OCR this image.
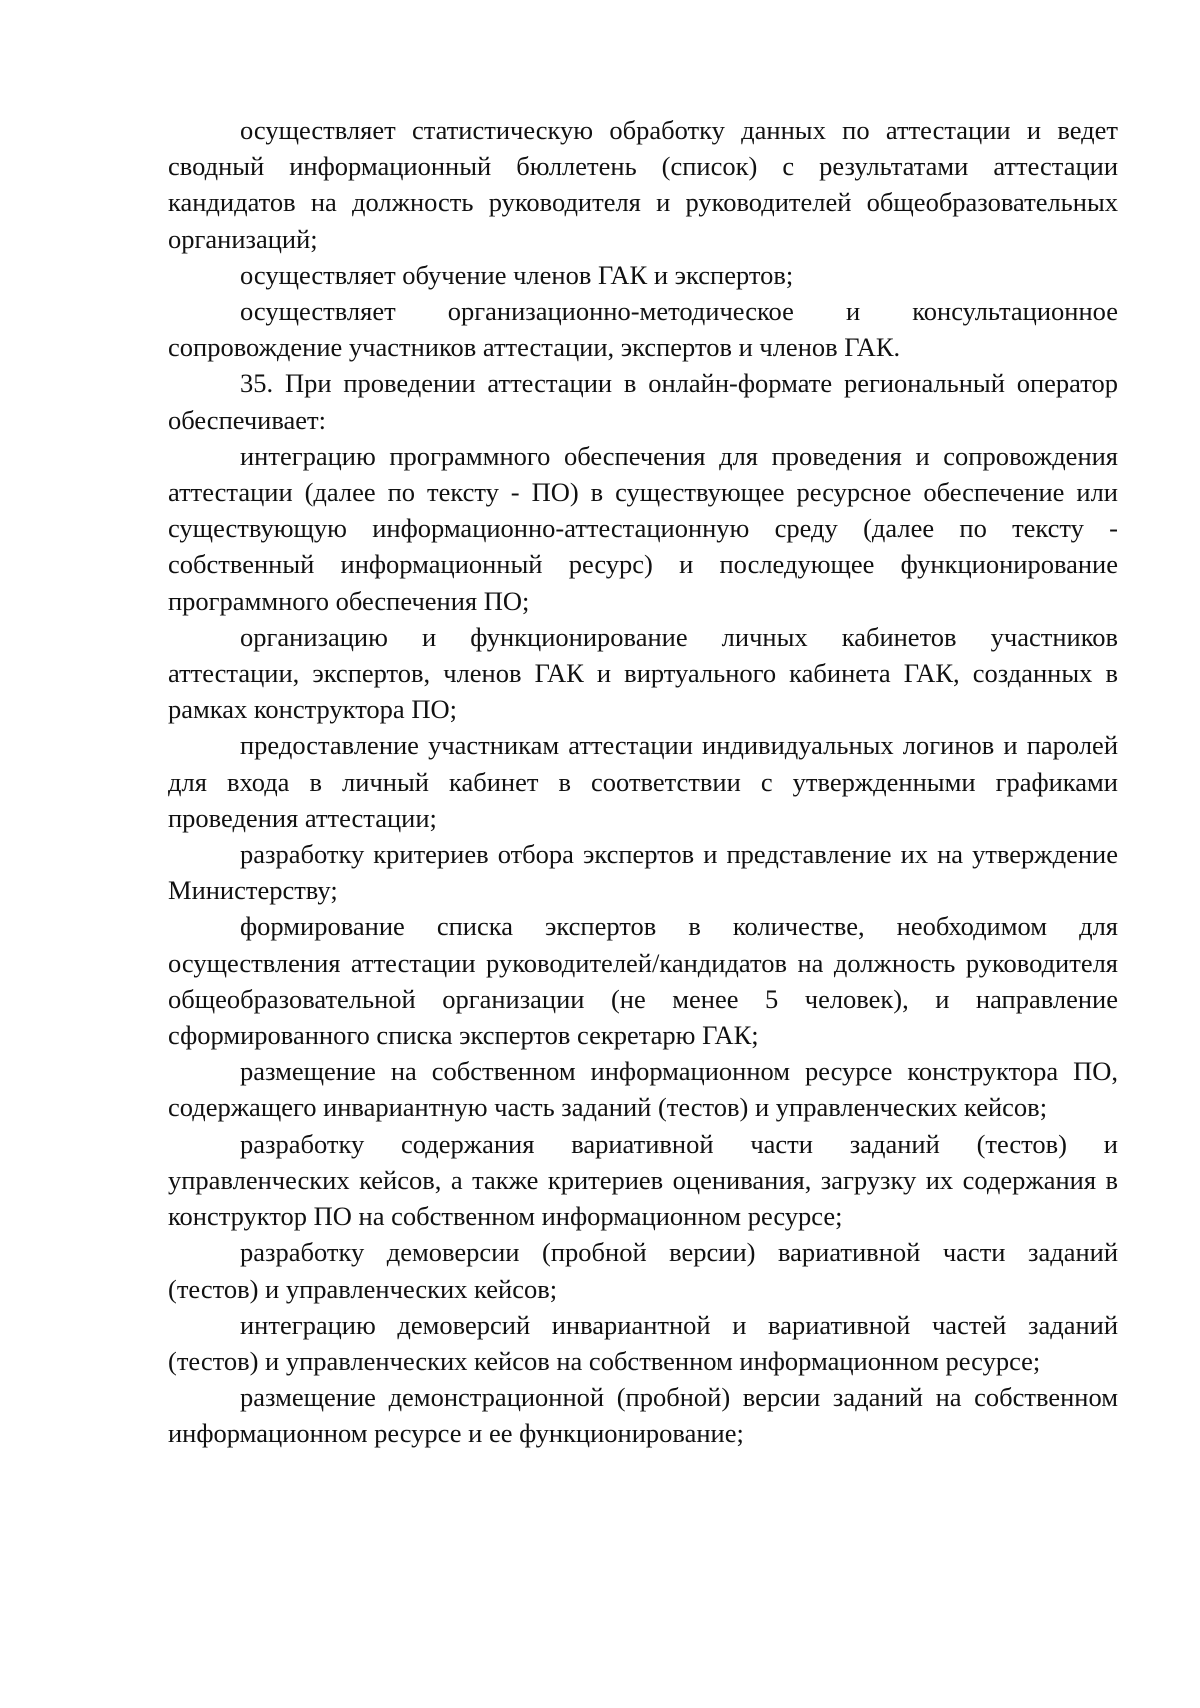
осуществляет статистическую обработку данных по аттестации и ведет сводный информационный бюллетень (список) с результатами аттестации кандидатов на должность руководителя и руководителей общеобразовательных организаций;

осуществляет обучение членов ГАК и экспертов;

осуществляет организационно-методическое и консультационное сопровождение участников аттестации, экспертов и членов ГАК.

35. При проведении аттестации в онлайн-формате региональный оператор обеспечивает:

интеграцию программного обеспечения для проведения и сопровождения аттестации (далее по тексту - ПО) в существующее ресурсное обеспечение или существующую информационно-аттестационную среду (далее по тексту - собственный информационный ресурс) и последующее функционирование программного обеспечения ПО;

организацию и функционирование личных кабинетов участников аттестации, экспертов, членов ГАК и виртуального кабинета ГАК, созданных в рамках конструктора ПО;

предоставление участникам аттестации индивидуальных логинов и паролей для входа в личный кабинет в соответствии с утвержденными графиками проведения аттестации;

разработку критериев отбора экспертов и представление их на утверждение Министерству;

формирование списка экспертов в количестве, необходимом для осуществления аттестации руководителей/кандидатов на должность руководителя общеобразовательной организации (не менее 5 человек), и направление сформированного списка экспертов секретарю ГАК;

размещение на собственном информационном ресурсе конструктора ПО, содержащего инвариантную часть заданий (тестов) и управленческих кейсов;

разработку содержания вариативной части заданий (тестов) и управленческих кейсов, а также критериев оценивания, загрузку их содержания в конструктор ПО на собственном информационном ресурсе;

разработку демоверсии (пробной версии) вариативной части заданий (тестов) и управленческих кейсов;

интеграцию демоверсий инвариантной и вариативной частей заданий (тестов) и управленческих кейсов на собственном информационном ресурсе;

размещение демонстрационной (пробной) версии заданий на собственном информационном ресурсе и ее функционирование;
